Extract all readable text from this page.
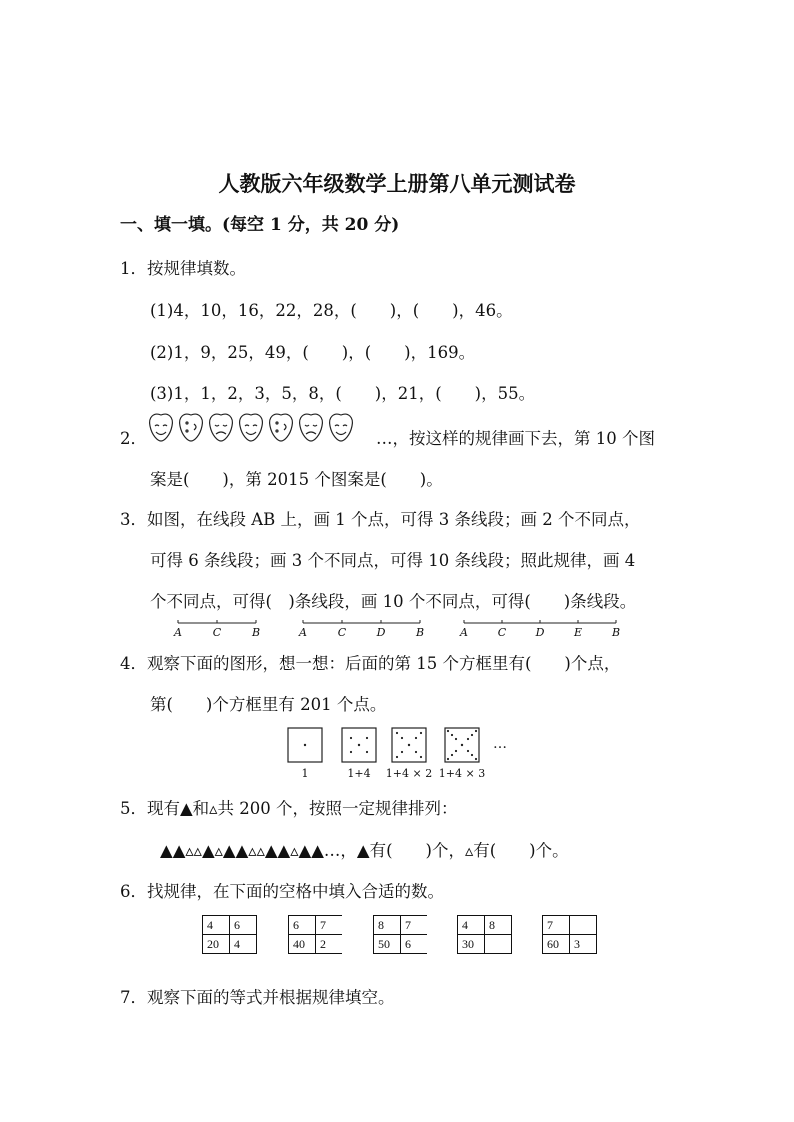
人教版六年级数学上册第八单元测试卷
一、填一填。(每空 1 分，共 20 分)
1．按规律填数。
(1)4，10，16，22，28，(　　)，(　　)，46。
(2)1，9，25，49，(　　)，(　　)，169。
(3)1，1，2，3，5，8，(　　)，21，(　　)，55。
2．	…，按这样的规律画下去，第 10 个图
案是(　　)，第 2015 个图案是(　　)。
3．如图，在线段 AB 上，画 1 个点，可得 3 条线段；画 2 个不同点，
可得 6 条线段；画 3 个不同点，可得 10 条线段；照此规律，画 4
个不同点，可得(　)条线段，画 10 个不同点，可得(　　)条线段。
A	C	B	A	C	D	B	A	C	D	E	B
4．观察下面的图形，想一想：后面的第 15 个方框里有(　　)个点，
第(　　)个方框里有 201 个点。
…
1	1+4 1+4 × 2 1+4 × 3
5．现有▲和▵共 200 个，按照一定规律排列：
▲▲▵▵▲▵▲▲▵▵▲▲▵▲▲…，▲有(　　)个，▵有(　　)个。
6．找规律，在下面的空格中填入合适的数。
4	6
20	4
6	7
40	2
8	7
50	6
4	8
30	
7	
60	3
7．观察下面的等式并根据规律填空。
